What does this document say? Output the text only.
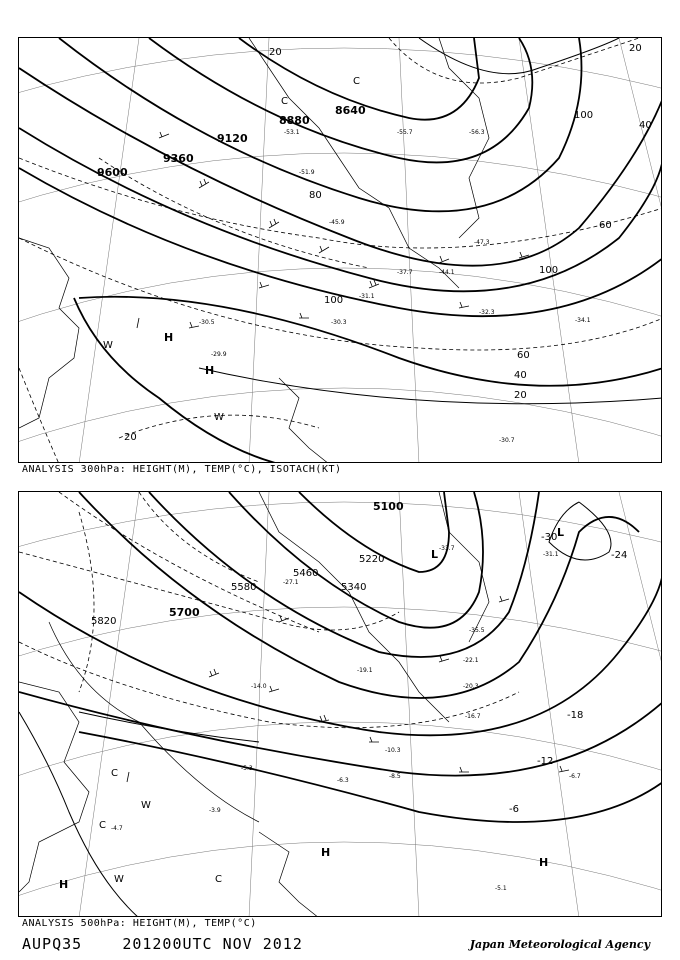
9600
9360
9120
8880
8640
20
20
40
60
60
80
100
100
100
20	20
40
H
H
C
C
W
W
-29.9
-30.5	-30.3
-31.1
-32.3
-34.1
-37.7	-44.1
-45.9
-47.3
-51.9
-53.1	-55.7	-56.3
-30.7
ANALYSIS 300hPa: HEIGHT(M), TEMP(°C), ISOTACH(KT)
5820
5700
5580
5460
5340
5220
5100
-6
-12
-18
-24
-30
H
H
H
C
C
C
W
W
L
L
-3.9
-4.7
-5.3
-6.3
-6.7
-8.5
-10.3
-14.0
-16.7
-19.1
-20.3
-22.1
-27.1
-31.1
-33.7
-35.5
-5.1
ANALYSIS 500hPa: HEIGHT(M), TEMP(°C)
AUPQ35	201200UTC NOV 2012	Japan Meteorological Agency
